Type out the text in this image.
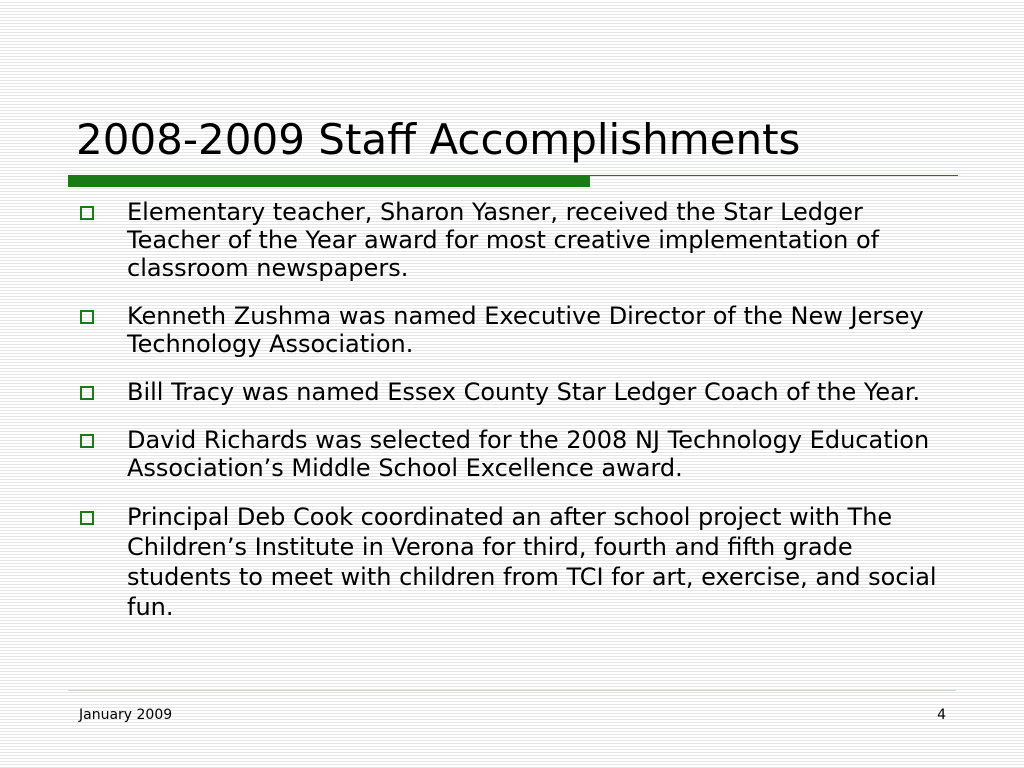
2008-2009 Staff Accomplishments
Elementary teacher, Sharon Yasner, received the Star Ledger Teacher of the Year award for most creative implementation of classroom newspapers.
Kenneth Zushma was named Executive Director of the New Jersey Technology Association.
Bill Tracy was named Essex County Star Ledger Coach of the Year.
David Richards was selected for the 2008 NJ Technology Education Association’s Middle School Excellence award.
Principal Deb Cook coordinated an after school project with The Children’s Institute in Verona for third, fourth and fifth grade students to meet with children from TCI for art, exercise, and social fun.
January 2009	4
